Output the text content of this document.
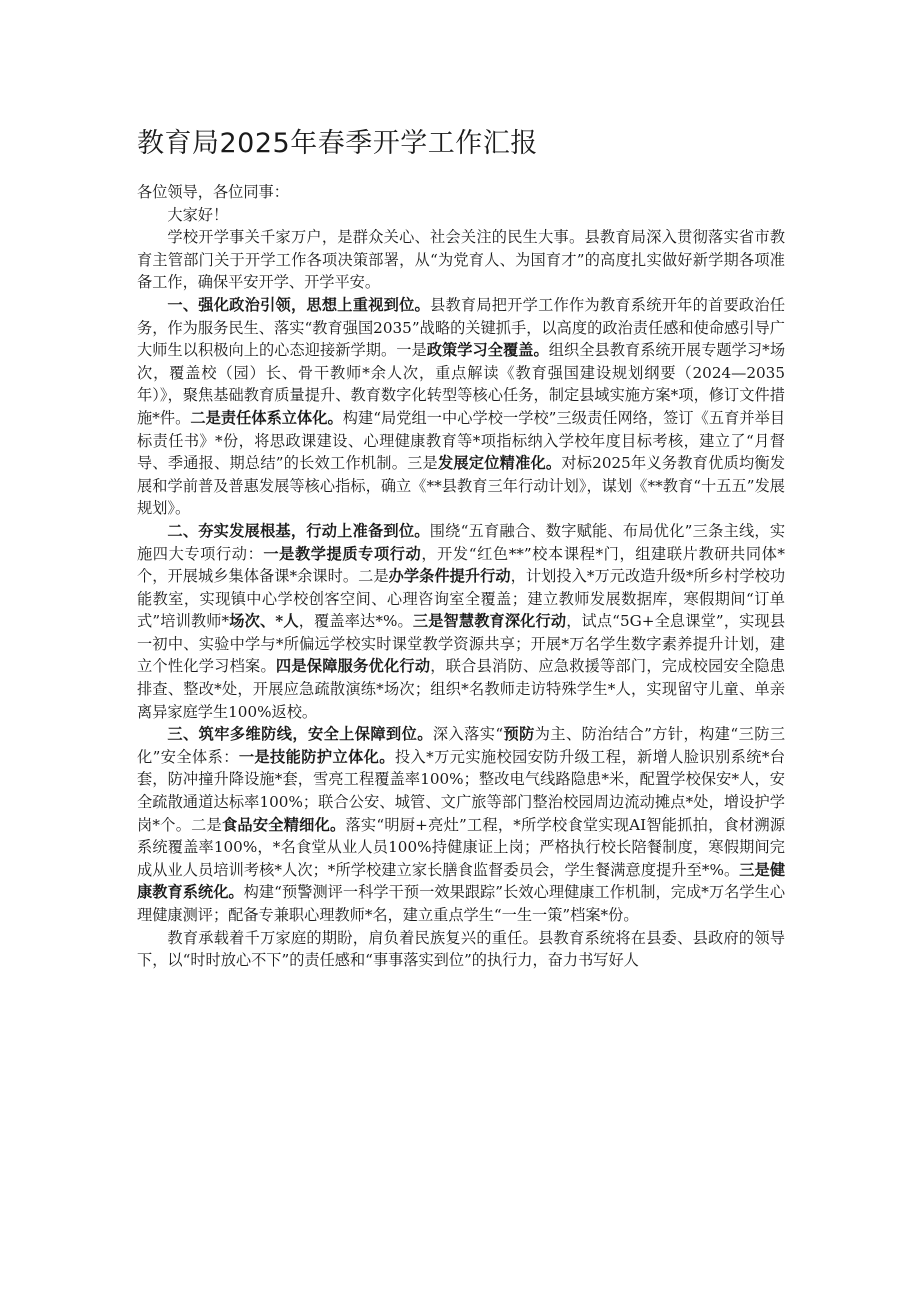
教育局2025年春季开学工作汇报

各位领导，各位同事：

大家好！

学校开学事关千家万户，是群众关心、社会关注的民生大事。县教育局深入贯彻落实省市教育主管部门关于开学工作各项决策部署，从“为党育人、为国育才”的高度扎实做好新学期各项准备工作，确保平安开学、开学平安。

一、强化政治引领，思想上重视到位。县教育局把开学工作作为教育系统开年的首要政治任务，作为服务民生、落实“教育强国2035”战略的关键抓手，以高度的政治责任感和使命感引导广大师生以积极向上的心态迎接新学期。一是政策学习全覆盖。组织全县教育系统开展专题学习*场次，覆盖校（园）长、骨干教师*余人次，重点解读《教育强国建设规划纲要（2024—2035年）》，聚焦基础教育质量提升、教育数字化转型等核心任务，制定县域实施方案*项，修订文件措施*件。二是责任体系立体化。构建“局党组一中心学校一学校”三级责任网络，签订《五育并举目标责任书》*份，将思政课建设、心理健康教育等*项指标纳入学校年度目标考核，建立了“月督导、季通报、期总结”的长效工作机制。三是发展定位精准化。对标2025年义务教育优质均衡发展和学前普及普惠发展等核心指标，确立《**县教育三年行动计划》，谋划《**教育“十五五”发展规划》。

二、夯实发展根基，行动上准备到位。围绕“五育融合、数字赋能、布局优化”三条主线，实施四大专项行动：一是教学提质专项行动，开发“红色**”校本课程*门，组建联片教研共同体*个，开展城乡集体备课*余课时。二是办学条件提升行动，计划投入*万元改造升级*所乡村学校功能教室，实现镇中心学校创客空间、心理咨询室全覆盖；建立教师发展数据库，寒假期间“订单式”培训教师*场次、*人，覆盖率达*%。三是智慧教育深化行动，试点“5G+全息课堂”，实现县一初中、实验中学与*所偏远学校实时课堂教学资源共享；开展*万名学生数字素养提升计划，建立个性化学习档案。四是保障服务优化行动，联合县消防、应急救援等部门，完成校园安全隐患排查、整改*处，开展应急疏散演练*场次；组织*名教师走访特殊学生*人，实现留守儿童、单亲离异家庭学生100%返校。

三、筑牢多维防线，安全上保障到位。深入落实“预防为主、防治结合”方针，构建“三防三化”安全体系：一是技能防护立体化。投入*万元实施校园安防升级工程，新增人脸识别系统*台套，防冲撞升降设施*套，雪亮工程覆盖率100%；整改电气线路隐患*米，配置学校保安*人，安全疏散通道达标率100%；联合公安、城管、文广旅等部门整治校园周边流动摊点*处，增设护学岗*个。二是食品安全精细化。落实“明厨+亮灶”工程，*所学校食堂实现AI智能抓拍，食材溯源系统覆盖率100%，*名食堂从业人员100%持健康证上岗；严格执行校长陪餐制度，寒假期间完成从业人员培训考核*人次；*所学校建立家长膳食监督委员会，学生餐满意度提升至*%。三是健康教育系统化。构建“预警测评一科学干预一效果跟踪”长效心理健康工作机制，完成*万名学生心理健康测评；配备专兼职心理教师*名，建立重点学生“一生一策”档案*份。

教育承载着千万家庭的期盼，肩负着民族复兴的重任。县教育系统将在县委、县政府的领导下，以“时时放心不下”的责任感和“事事落实到位”的执行力，奋力书写好人
